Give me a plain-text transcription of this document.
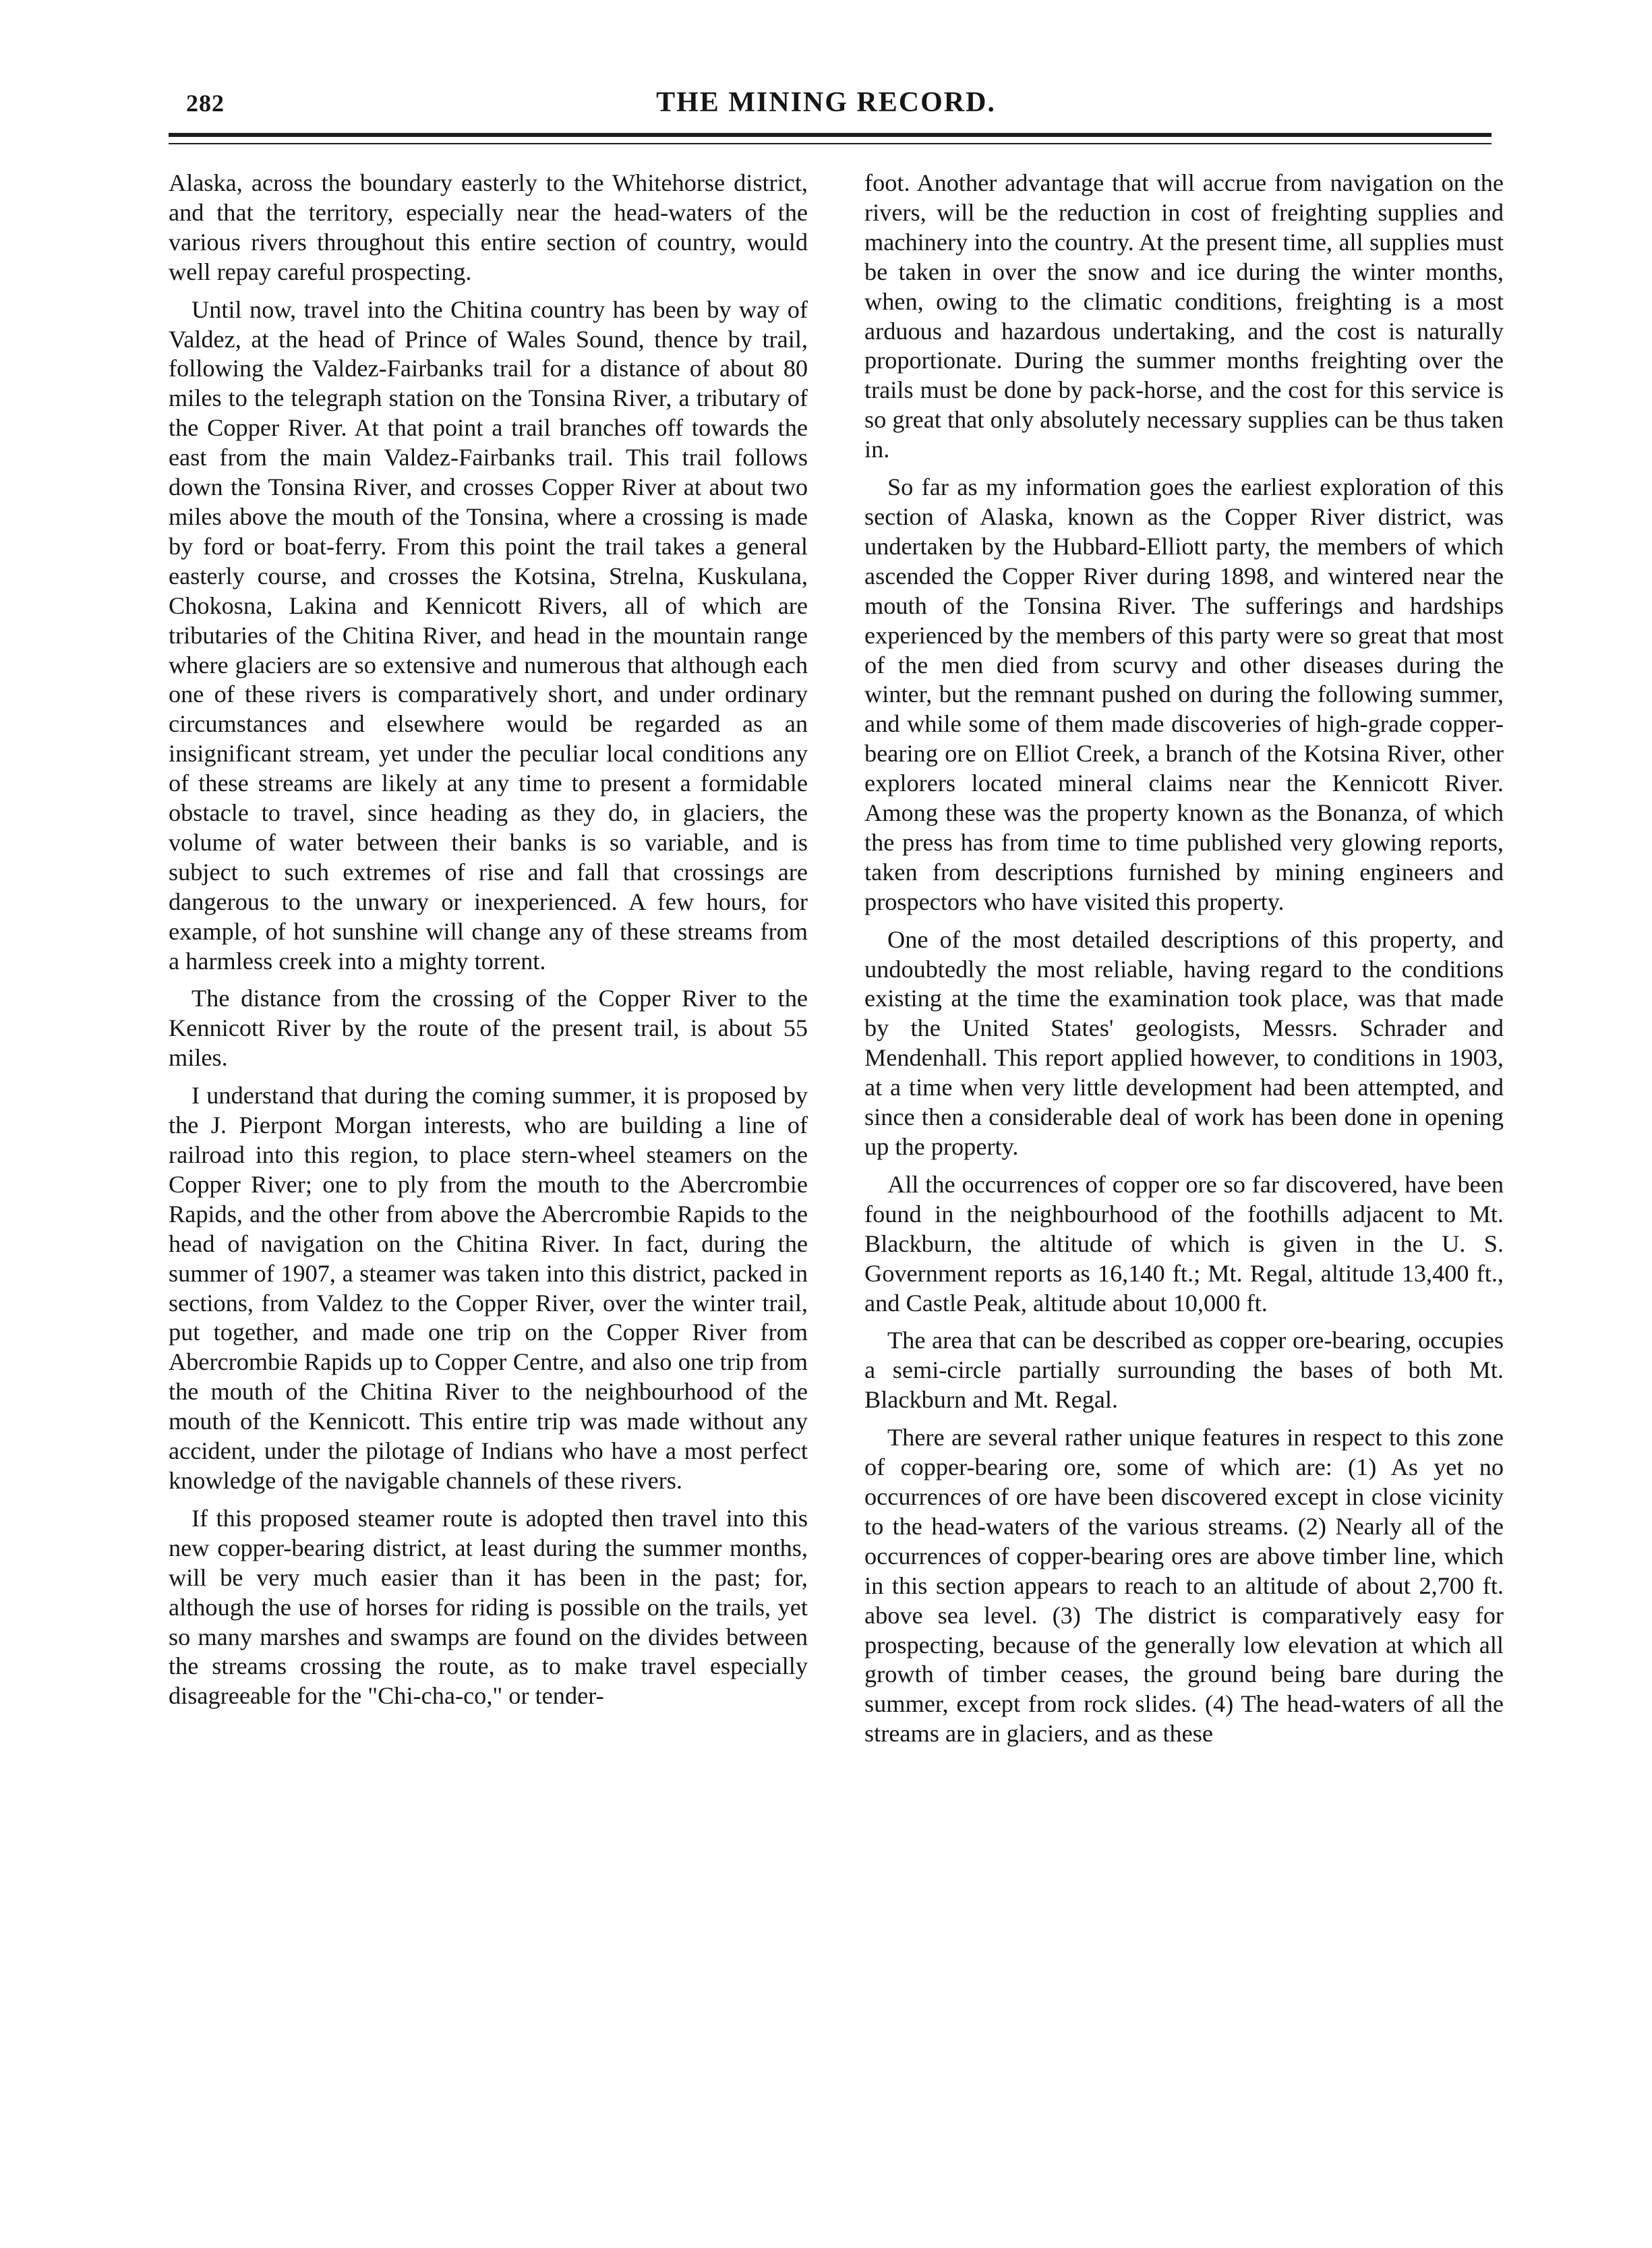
282	THE MINING RECORD.

Alaska, across the boundary easterly to the Whitehorse district, and that the territory, especially near the head-waters of the various rivers throughout this entire section of country, would well repay careful prospecting.

Until now, travel into the Chitina country has been by way of Valdez, at the head of Prince of Wales Sound, thence by trail, following the Valdez-Fairbanks trail for a distance of about 80 miles to the telegraph station on the Tonsina River, a tributary of the Copper River. At that point a trail branches off towards the east from the main Valdez-Fairbanks trail. This trail follows down the Tonsina River, and crosses Copper River at about two miles above the mouth of the Tonsina, where a crossing is made by ford or boat-ferry. From this point the trail takes a general easterly course, and crosses the Kotsina, Strelna, Kuskulana, Chokosna, Lakina and Kennicott Rivers, all of which are tributaries of the Chitina River, and head in the mountain range where glaciers are so extensive and numerous that although each one of these rivers is comparatively short, and under ordinary circumstances and elsewhere would be regarded as an insignificant stream, yet under the peculiar local conditions any of these streams are likely at any time to present a formidable obstacle to travel, since heading as they do, in glaciers, the volume of water between their banks is so variable, and is subject to such extremes of rise and fall that crossings are dangerous to the unwary or inexperienced. A few hours, for example, of hot sunshine will change any of these streams from a harmless creek into a mighty torrent.

The distance from the crossing of the Copper River to the Kennicott River by the route of the present trail, is about 55 miles.

I understand that during the coming summer, it is proposed by the J. Pierpont Morgan interests, who are building a line of railroad into this region, to place stern-wheel steamers on the Copper River; one to ply from the mouth to the Abercrombie Rapids, and the other from above the Abercrombie Rapids to the head of navigation on the Chitina River. In fact, during the summer of 1907, a steamer was taken into this district, packed in sections, from Valdez to the Copper River, over the winter trail, put together, and made one trip on the Copper River from Abercrombie Rapids up to Copper Centre, and also one trip from the mouth of the Chitina River to the neighbourhood of the mouth of the Kennicott. This entire trip was made without any accident, under the pilotage of Indians who have a most perfect knowledge of the navigable channels of these rivers.

If this proposed steamer route is adopted then travel into this new copper-bearing district, at least during the summer months, will be very much easier than it has been in the past; for, although the use of horses for riding is possible on the trails, yet so many marshes and swamps are found on the divides between the streams crossing the route, as to make travel especially disagreeable for the "Chi-cha-co," or tender-

foot. Another advantage that will accrue from navigation on the rivers, will be the reduction in cost of freighting supplies and machinery into the country. At the present time, all supplies must be taken in over the snow and ice during the winter months, when, owing to the climatic conditions, freighting is a most arduous and hazardous undertaking, and the cost is naturally proportionate. During the summer months freighting over the trails must be done by pack-horse, and the cost for this service is so great that only absolutely necessary supplies can be thus taken in.

So far as my information goes the earliest exploration of this section of Alaska, known as the Copper River district, was undertaken by the Hubbard-Elliott party, the members of which ascended the Copper River during 1898, and wintered near the mouth of the Tonsina River. The sufferings and hardships experienced by the members of this party were so great that most of the men died from scurvy and other diseases during the winter, but the remnant pushed on during the following summer, and while some of them made discoveries of high-grade copper-bearing ore on Elliot Creek, a branch of the Kotsina River, other explorers located mineral claims near the Kennicott River. Among these was the property known as the Bonanza, of which the press has from time to time published very glowing reports, taken from descriptions furnished by mining engineers and prospectors who have visited this property.

One of the most detailed descriptions of this property, and undoubtedly the most reliable, having regard to the conditions existing at the time the examination took place, was that made by the United States' geologists, Messrs. Schrader and Mendenhall. This report applied however, to conditions in 1903, at a time when very little development had been attempted, and since then a considerable deal of work has been done in opening up the property.

All the occurrences of copper ore so far discovered, have been found in the neighbourhood of the foothills adjacent to Mt. Blackburn, the altitude of which is given in the U. S. Government reports as 16,140 ft.; Mt. Regal, altitude 13,400 ft., and Castle Peak, altitude about 10,000 ft.

The area that can be described as copper ore-bearing, occupies a semi-circle partially surrounding the bases of both Mt. Blackburn and Mt. Regal.

There are several rather unique features in respect to this zone of copper-bearing ore, some of which are: (1) As yet no occurrences of ore have been discovered except in close vicinity to the head-waters of the various streams. (2) Nearly all of the occurrences of copper-bearing ores are above timber line, which in this section appears to reach to an altitude of about 2,700 ft. above sea level. (3) The district is comparatively easy for prospecting, because of the generally low elevation at which all growth of timber ceases, the ground being bare during the summer, except from rock slides. (4) The head-waters of all the streams are in glaciers, and as these
